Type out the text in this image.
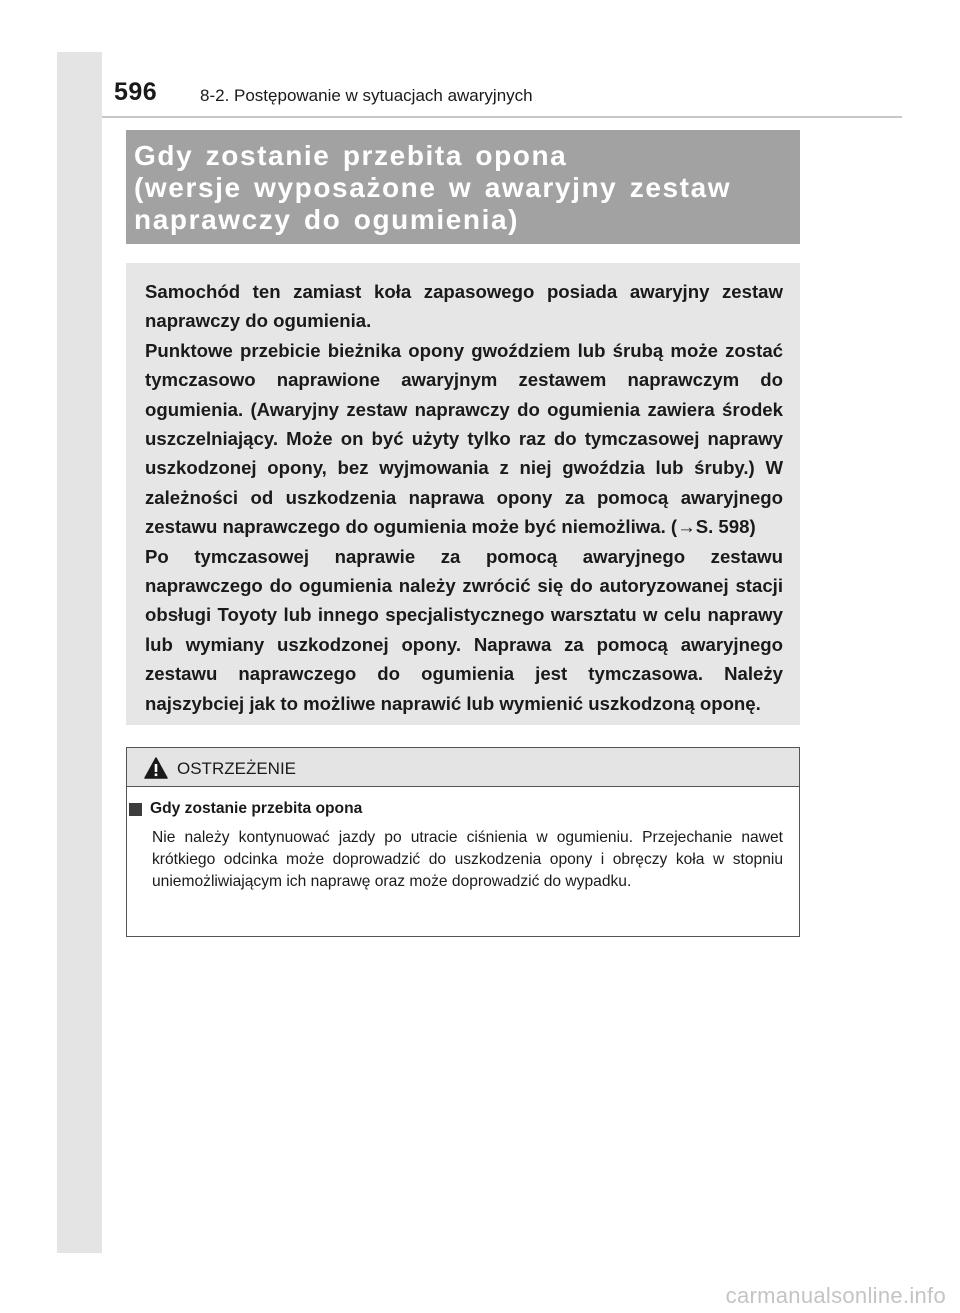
596	8-2. Postępowanie w sytuacjach awaryjnych

Gdy zostanie przebita opona
(wersje wyposażone w awaryjny zestaw
naprawczy do ogumienia)

Samochód ten zamiast koła zapasowego posiada awaryjny zestaw naprawczy do ogumienia.

Punktowe przebicie bieżnika opony gwoździem lub śrubą może zostać tymczasowo naprawione awaryjnym zestawem naprawczym do ogumienia. (Awaryjny zestaw naprawczy do ogumienia zawiera środek uszczelniający. Może on być użyty tylko raz do tymczasowej naprawy uszkodzonej opony, bez wyjmowania z niej gwoździa lub śruby.) W zależności od uszkodzenia naprawa opony za pomocą awaryjnego zestawu naprawczego do ogumienia może być niemożliwa. (→S. 598)

Po tymczasowej naprawie za pomocą awaryjnego zestawu naprawczego do ogumienia należy zwrócić się do autoryzowanej stacji obsługi Toyoty lub innego specjalistycznego warsztatu w celu naprawy lub wymiany uszkodzonej opony. Naprawa za pomocą awaryjnego zestawu naprawczego do ogumienia jest tymczasowa. Należy najszybciej jak to możliwe naprawić lub wymienić uszkodzoną oponę.

OSTRZEŻENIE

Gdy zostanie przebita opona

Nie należy kontynuować jazdy po utracie ciśnienia w ogumieniu. Przejechanie nawet krótkiego odcinka może doprowadzić do uszkodzenia opony i obręczy koła w stopniu uniemożliwiającym ich naprawę oraz może doprowadzić do wypadku.

carmanualsonline.info
